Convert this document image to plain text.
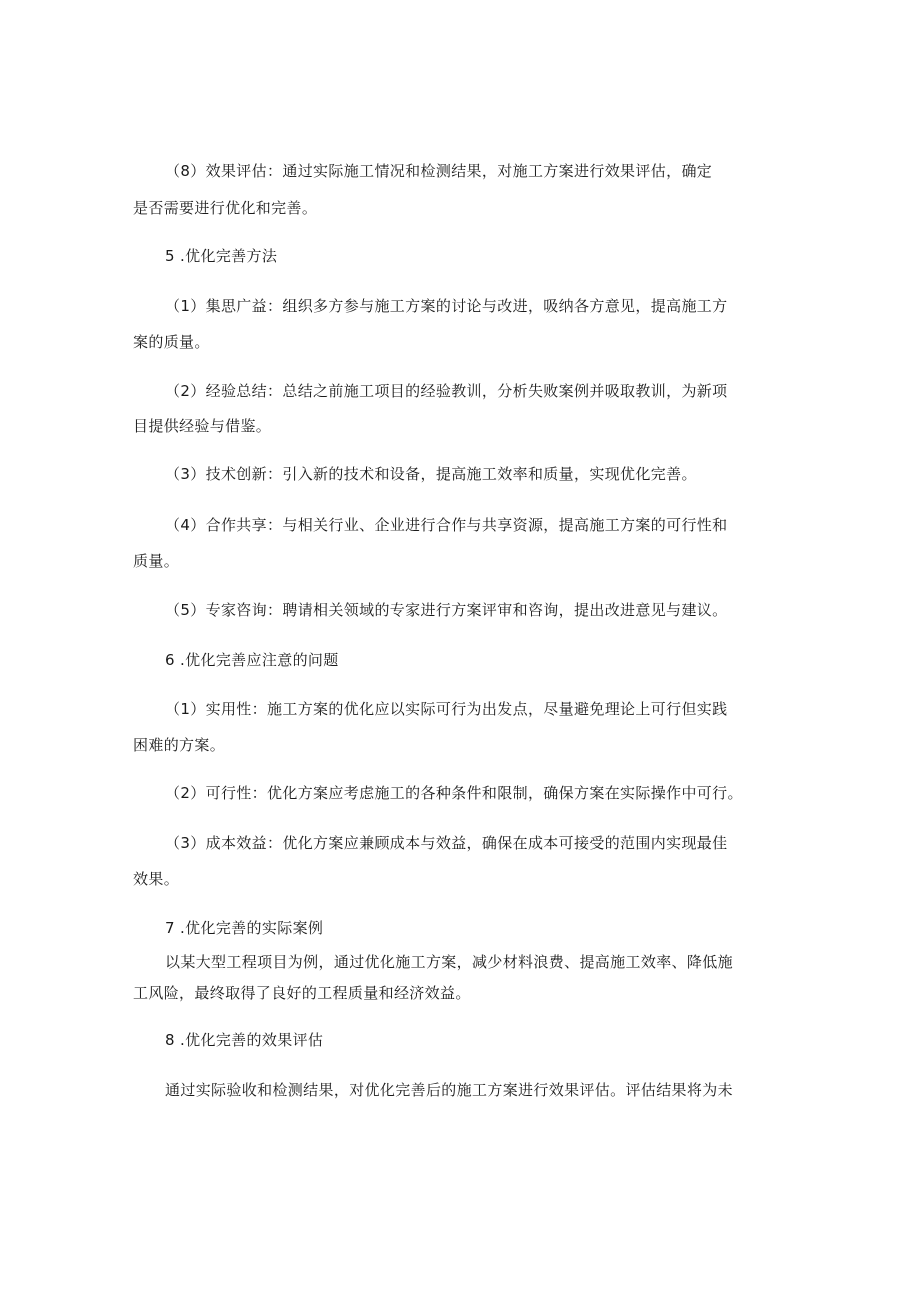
（8）效果评估：通过实际施工情况和检测结果，对施工方案进行效果评估，确定
是否需要进行优化和完善。
5 .优化完善方法
（1）集思广益：组织多方参与施工方案的讨论与改进，吸纳各方意见，提高施工方
案的质量。
（2）经验总结：总结之前施工项目的经验教训，分析失败案例并吸取教训，为新项
目提供经验与借鉴。
（3）技术创新：引入新的技术和设备，提高施工效率和质量，实现优化完善。
（4）合作共享：与相关行业、企业进行合作与共享资源，提高施工方案的可行性和
质量。
（5）专家咨询：聘请相关领域的专家进行方案评审和咨询，提出改进意见与建议。
6 .优化完善应注意的问题
（1）实用性：施工方案的优化应以实际可行为出发点，尽量避免理论上可行但实践
困难的方案。
（2）可行性：优化方案应考虑施工的各种条件和限制，确保方案在实际操作中可行。
（3）成本效益：优化方案应兼顾成本与效益，确保在成本可接受的范围内实现最佳
效果。
7 .优化完善的实际案例
以某大型工程项目为例，通过优化施工方案，减少材料浪费、提高施工效率、降低施
工风险，最终取得了良好的工程质量和经济效益。
8 .优化完善的效果评估
通过实际验收和检测结果，对优化完善后的施工方案进行效果评估。评估结果将为未
